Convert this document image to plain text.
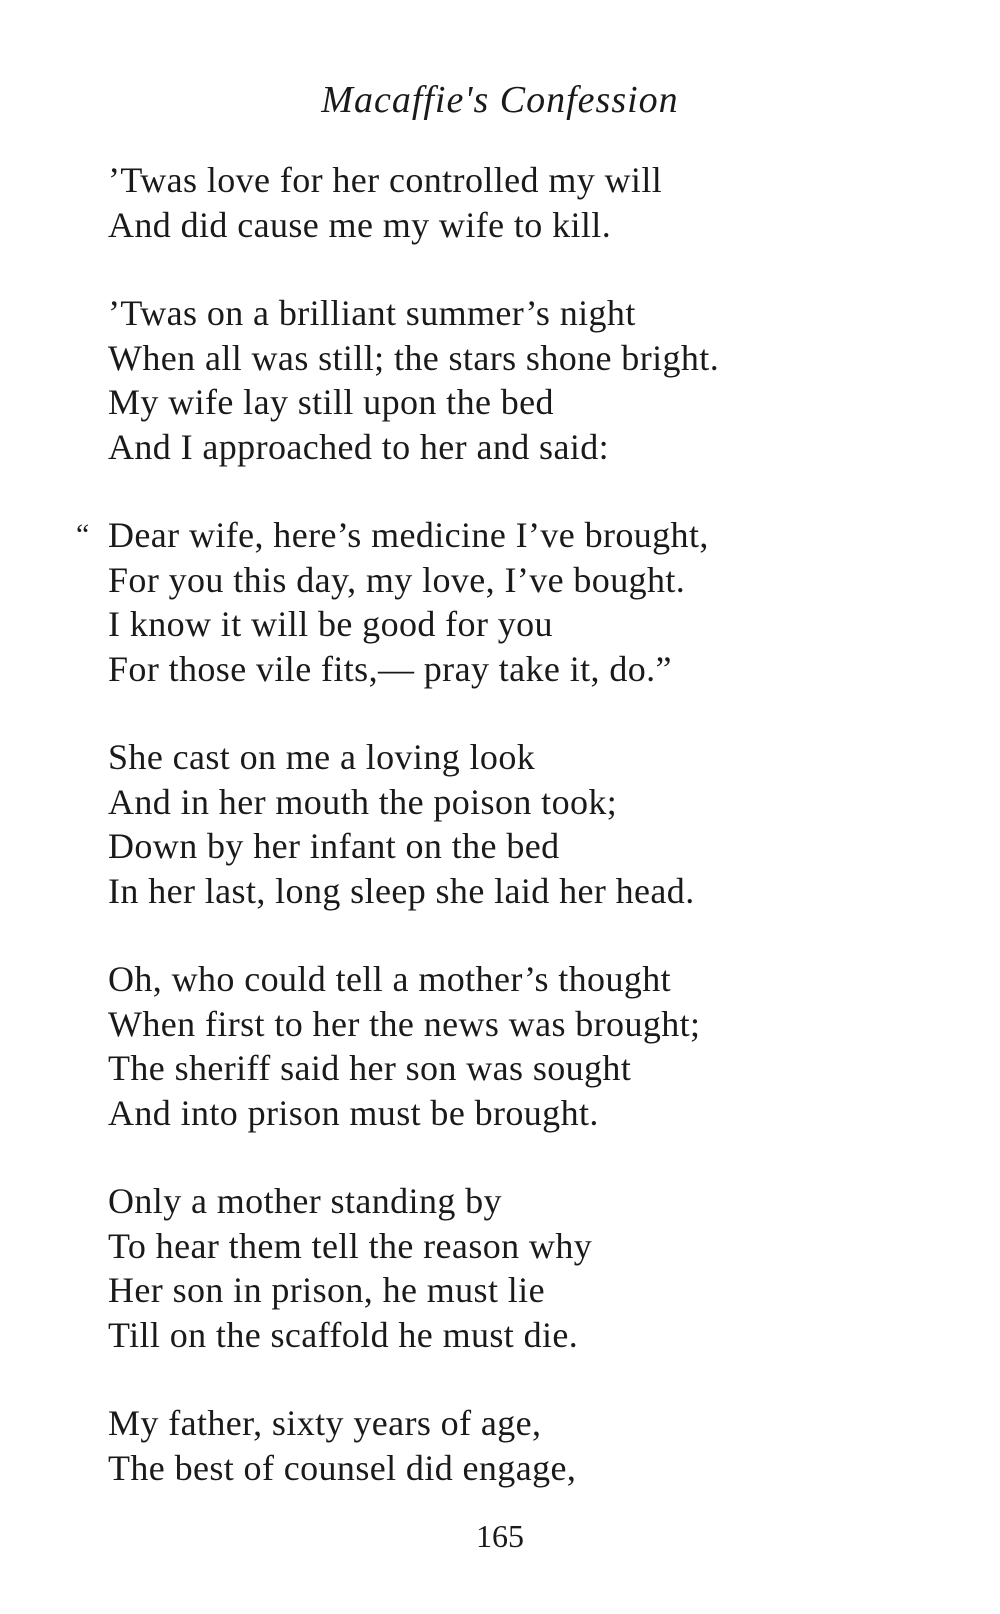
Macaffie's Confession
’Twas love for her controlled my will
And did cause me my wife to kill.
’Twas on a brilliant summer’s night
When all was still; the stars shone bright.
My wife lay still upon the bed
And I approached to her and said:
“ Dear wife, here’s medicine I’ve brought,
For you this day, my love, I’ve bought.
I know it will be good for you
For those vile fits,— pray take it, do.”
She cast on me a loving look
And in her mouth the poison took;
Down by her infant on the bed
In her last, long sleep she laid her head.
Oh, who could tell a mother’s thought
When first to her the news was brought;
The sheriff said her son was sought
And into prison must be brought.
Only a mother standing by
To hear them tell the reason why
Her son in prison, he must lie
Till on the scaffold he must die.
My father, sixty years of age,
The best of counsel did engage,
165
